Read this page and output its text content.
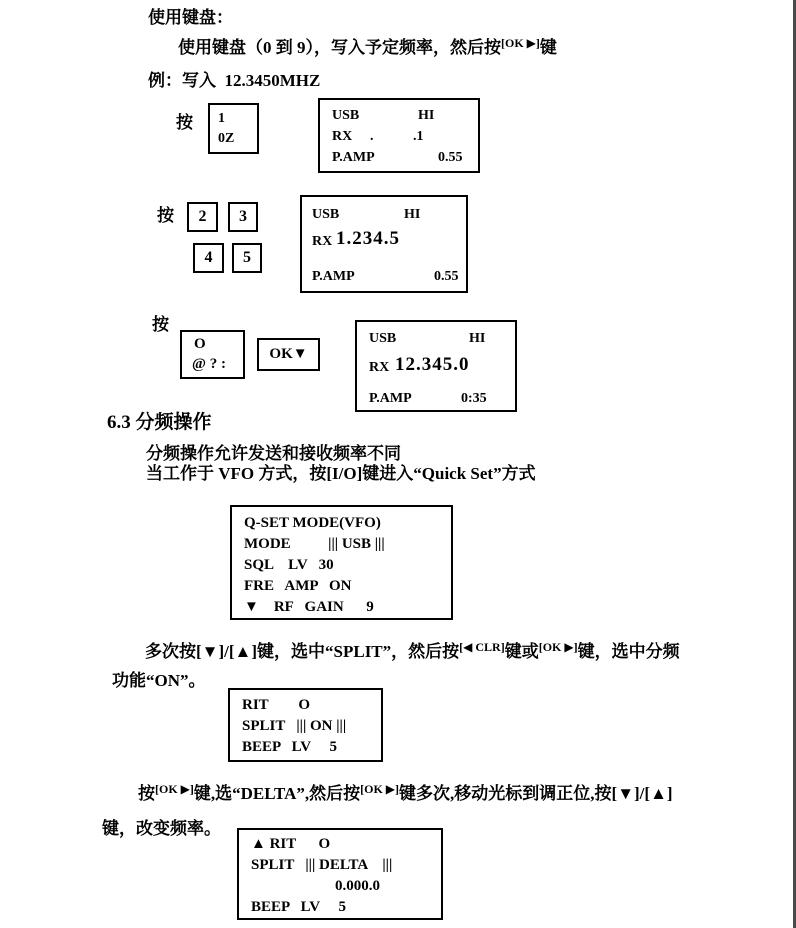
使用键盘：
使用键盘（0 到 9），写入予定频率，然后按[OK ▶]键
例：写入  12.3450MHZ
按 1
0Z
USB	HI
RX .	.1
P.AMP	0.55
按	2	3
4	5
USB	HI
RX 1.234.5
P.AMP	0.55
按
O
@ ? :
OK▼
USB	HI
RX 12.345.0
P.AMP	0:35
6.3 分频操作
分频操作允许发送和接收频率不同
当工作于 VFO 方式，按[I/O]键进入“Quick Set”方式
Q-SET MODE(VFO)
MODE          ||| USB |||
SQL    LV   30
FRE   AMP   ON
▼    RF   GAIN      9
多次按[▼]/[▲]键，选中“SPLIT”，然后按[◀ CLR]键或[OK ▶]键，选中分频
功能“ON”。
RIT        O
SPLIT   ||| ON |||
BEEP   LV     5
按[OK ▶]键,选“DELTA”,然后按[OK ▶]键多次,移动光标到调正位,按[▼]/[▲]
键，改变频率。
▲ RIT      O
SPLIT   ||| DELTA    |||
0.000.0
BEEP   LV     5
